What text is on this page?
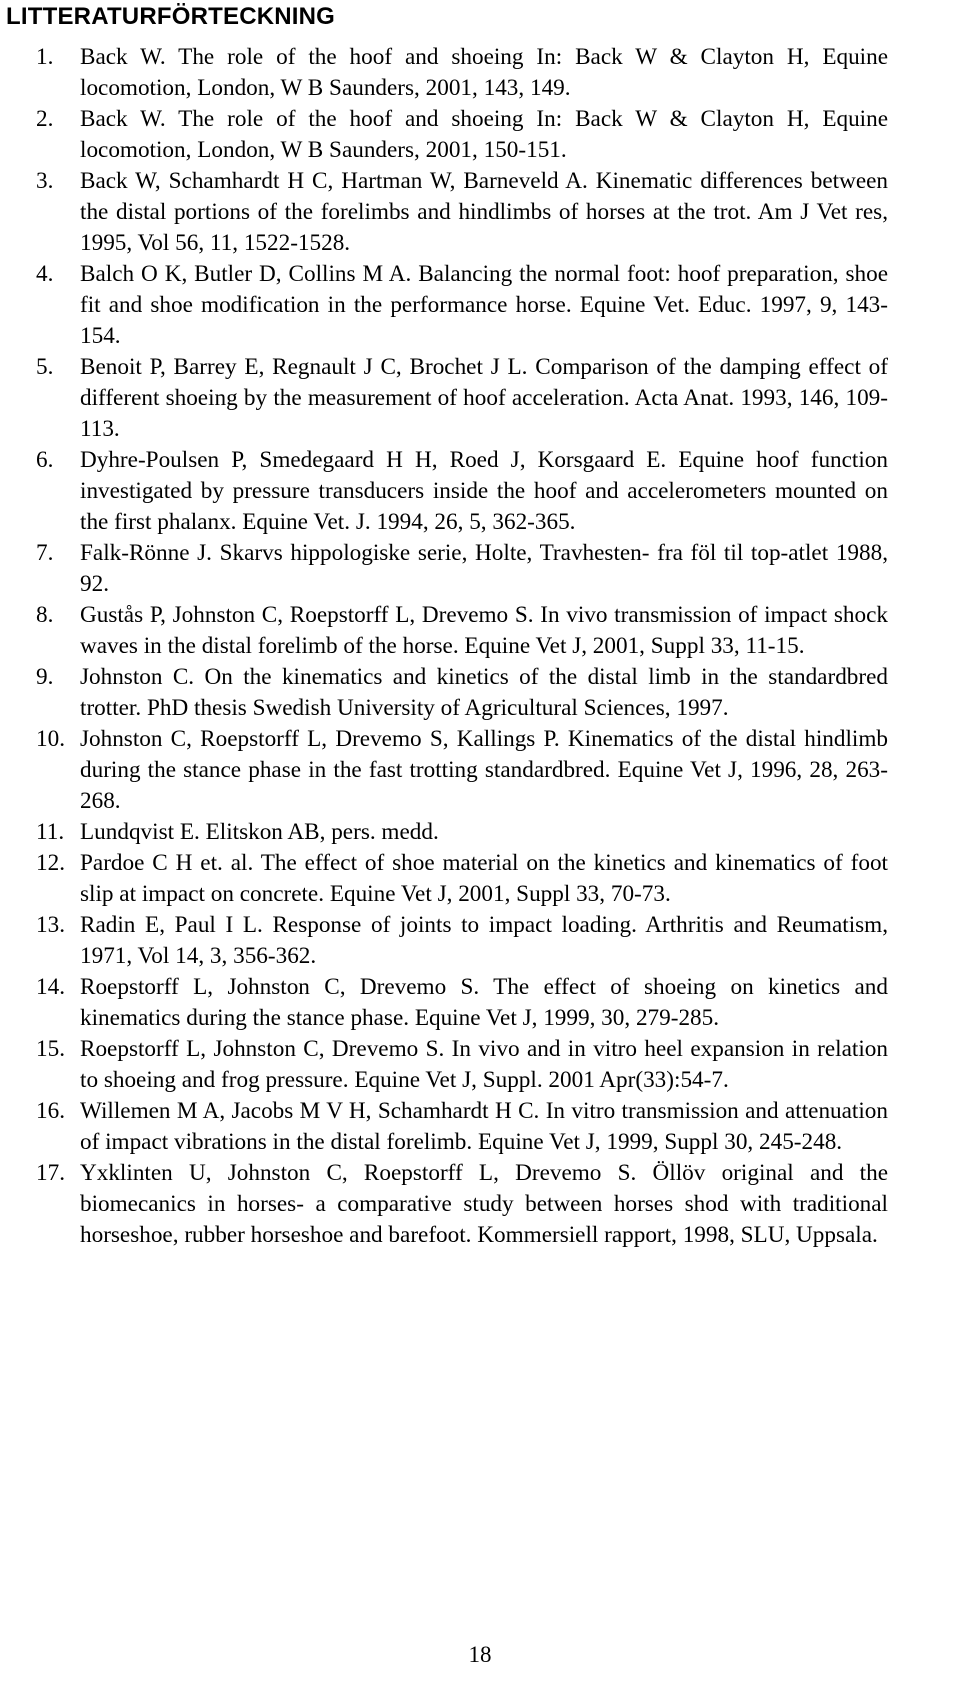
LITTERATURFÖRTECKNING
1. Back W. The role of the hoof and shoeing In: Back W & Clayton H, Equine locomotion, London, W B Saunders, 2001, 143, 149.
2. Back W. The role of the hoof and shoeing In: Back W & Clayton H, Equine locomotion, London, W B Saunders, 2001, 150-151.
3. Back W, Schamhardt H C, Hartman W, Barneveld A. Kinematic differences between the distal portions of the forelimbs and hindlimbs of horses at the trot. Am J Vet res, 1995, Vol 56, 11, 1522-1528.
4. Balch O K, Butler D, Collins M A. Balancing the normal foot: hoof preparation, shoe fit and shoe modification in the performance horse. Equine Vet. Educ. 1997, 9, 143-154.
5. Benoit P, Barrey E, Regnault J C, Brochet J L. Comparison of the damping effect of different shoeing by the measurement of hoof acceleration. Acta Anat. 1993, 146, 109-113.
6. Dyhre-Poulsen P, Smedegaard H H, Roed J, Korsgaard E. Equine hoof function investigated by pressure transducers inside the hoof and accelerometers mounted on the first phalanx. Equine Vet. J. 1994, 26, 5, 362-365.
7. Falk-Rönne J. Skarvs hippologiske serie, Holte, Travhesten- fra föl til top-atlet 1988, 92.
8. Gustås P, Johnston C, Roepstorff L, Drevemo S. In vivo transmission of impact shock waves in the distal forelimb of the horse. Equine Vet J, 2001, Suppl 33, 11-15.
9. Johnston C. On the kinematics and kinetics of the distal limb in the standardbred trotter. PhD thesis Swedish University of Agricultural Sciences, 1997.
10. Johnston C, Roepstorff L, Drevemo S, Kallings P. Kinematics of the distal hindlimb during the stance phase in the fast trotting standardbred. Equine Vet J, 1996, 28, 263-268.
11. Lundqvist E. Elitskon AB, pers. medd.
12. Pardoe C H et. al. The effect of shoe material on the kinetics and kinematics of foot slip at impact on concrete. Equine Vet J, 2001, Suppl 33, 70-73.
13. Radin E, Paul I L. Response of joints to impact loading. Arthritis and Reumatism, 1971, Vol 14, 3, 356-362.
14. Roepstorff L, Johnston C, Drevemo S. The effect of shoeing on kinetics and kinematics during the stance phase. Equine Vet J, 1999, 30, 279-285.
15. Roepstorff L, Johnston C, Drevemo S. In vivo and in vitro heel expansion in relation to shoeing and frog pressure. Equine Vet J, Suppl. 2001 Apr(33):54-7.
16. Willemen M A, Jacobs M V H, Schamhardt H C. In vitro transmission and attenuation of impact vibrations in the distal forelimb. Equine Vet J, 1999, Suppl 30, 245-248.
17. Yxklinten U, Johnston C, Roepstorff L, Drevemo S. Öllöv original and the biomecanics in horses- a comparative study between horses shod with traditional horseshoe, rubber horseshoe and barefoot. Kommersiell rapport, 1998, SLU, Uppsala.

18
